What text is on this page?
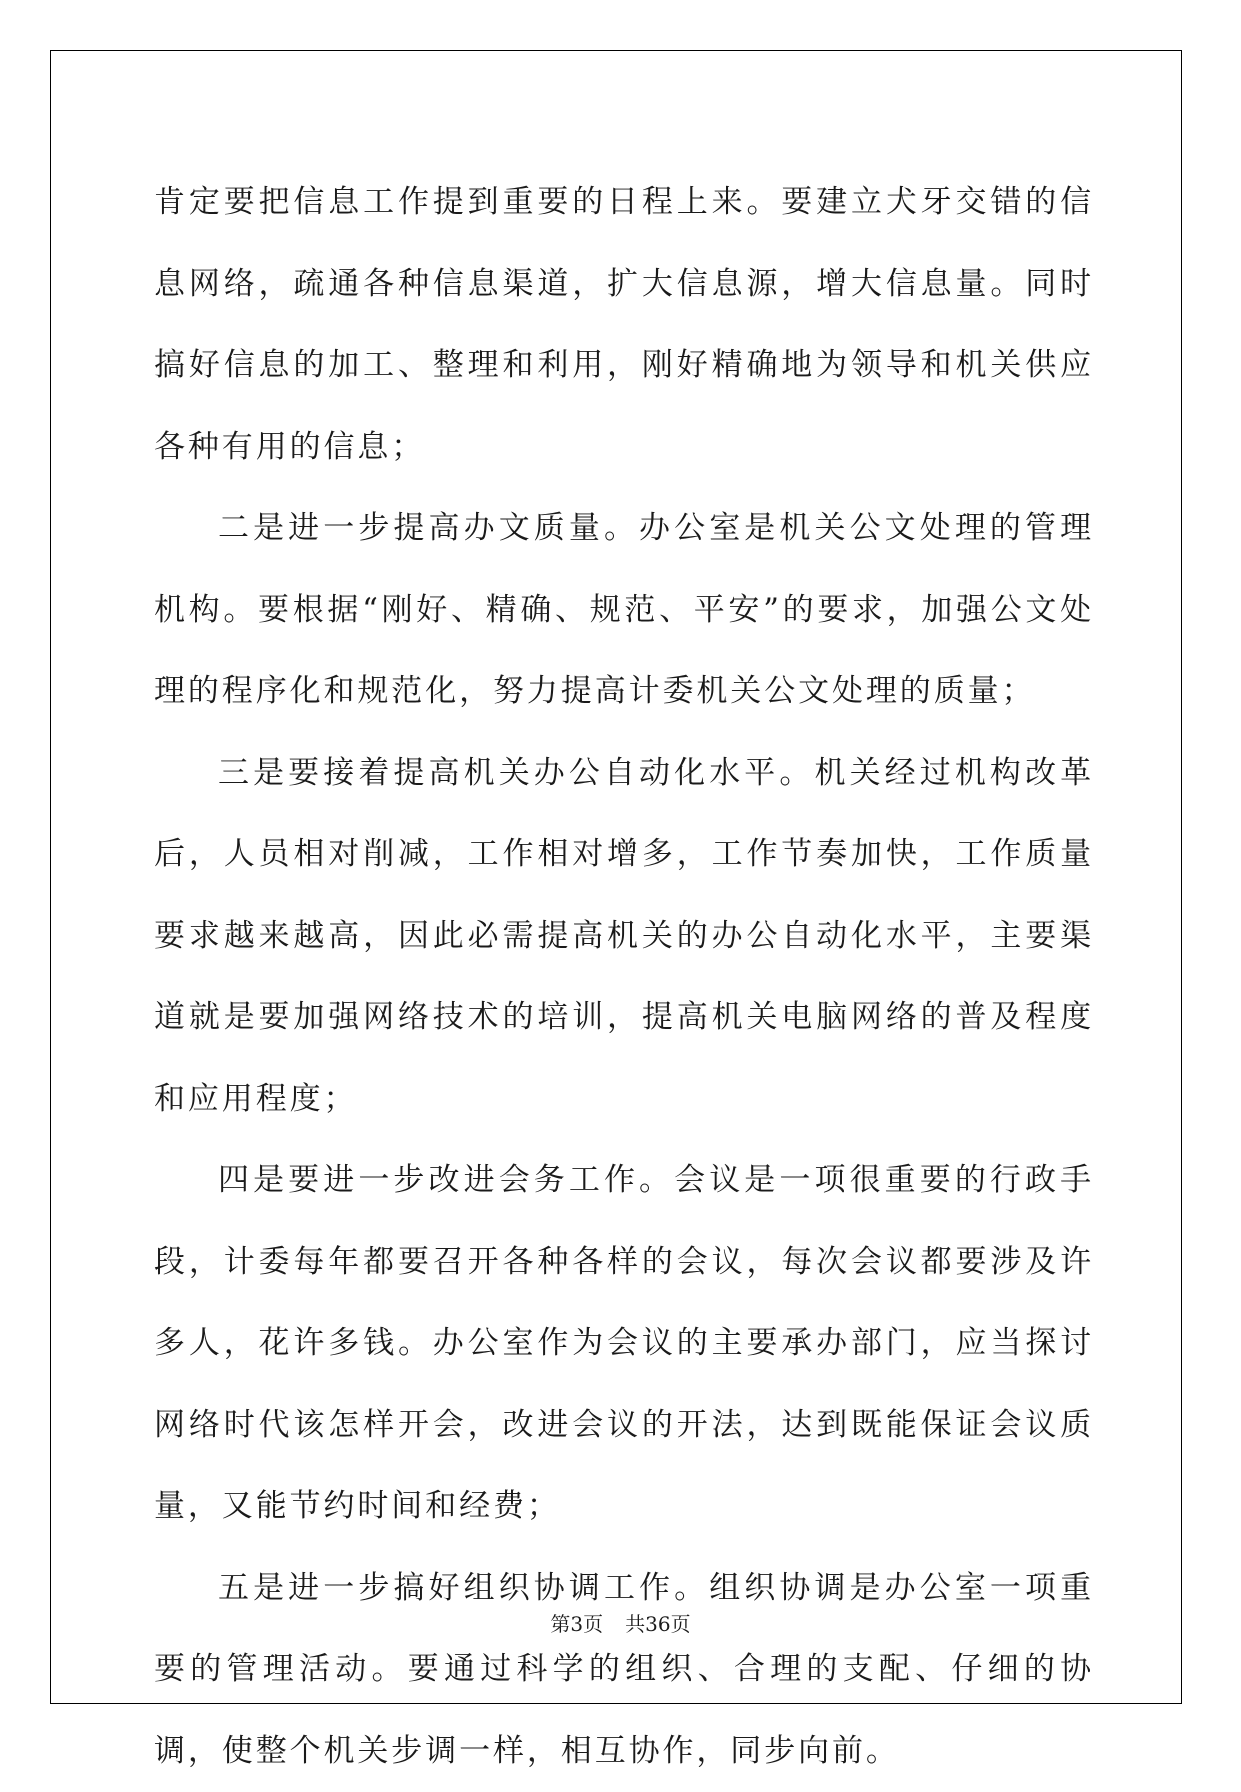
肯定要把信息工作提到重要的日程上来。要建立犬牙交错的信息网络，疏通各种信息渠道，扩大信息源，增大信息量。同时搞好信息的加工、整理和利用，刚好精确地为领导和机关供应各种有用的信息；

二是进一步提高办文质量。办公室是机关公文处理的管理机构。要根据“刚好、精确、规范、平安”的要求，加强公文处理的程序化和规范化，努力提高计委机关公文处理的质量；

三是要接着提高机关办公自动化水平。机关经过机构改革后，人员相对削减，工作相对增多，工作节奏加快，工作质量要求越来越高，因此必需提高机关的办公自动化水平，主要渠道就是要加强网络技术的培训，提高机关电脑网络的普及程度和应用程度；

四是要进一步改进会务工作。会议是一项很重要的行政手段，计委每年都要召开各种各样的会议，每次会议都要涉及许多人，花许多钱。办公室作为会议的主要承办部门，应当探讨网络时代该怎样开会，改进会议的开法，达到既能保证会议质量，又能节约时间和经费；

五是进一步搞好组织协调工作。组织协调是办公室一项重要的管理活动。要通过科学的组织、合理的支配、仔细的协调，使整个机关步调一样，相互协作，同步向前。

第3页 共36页
